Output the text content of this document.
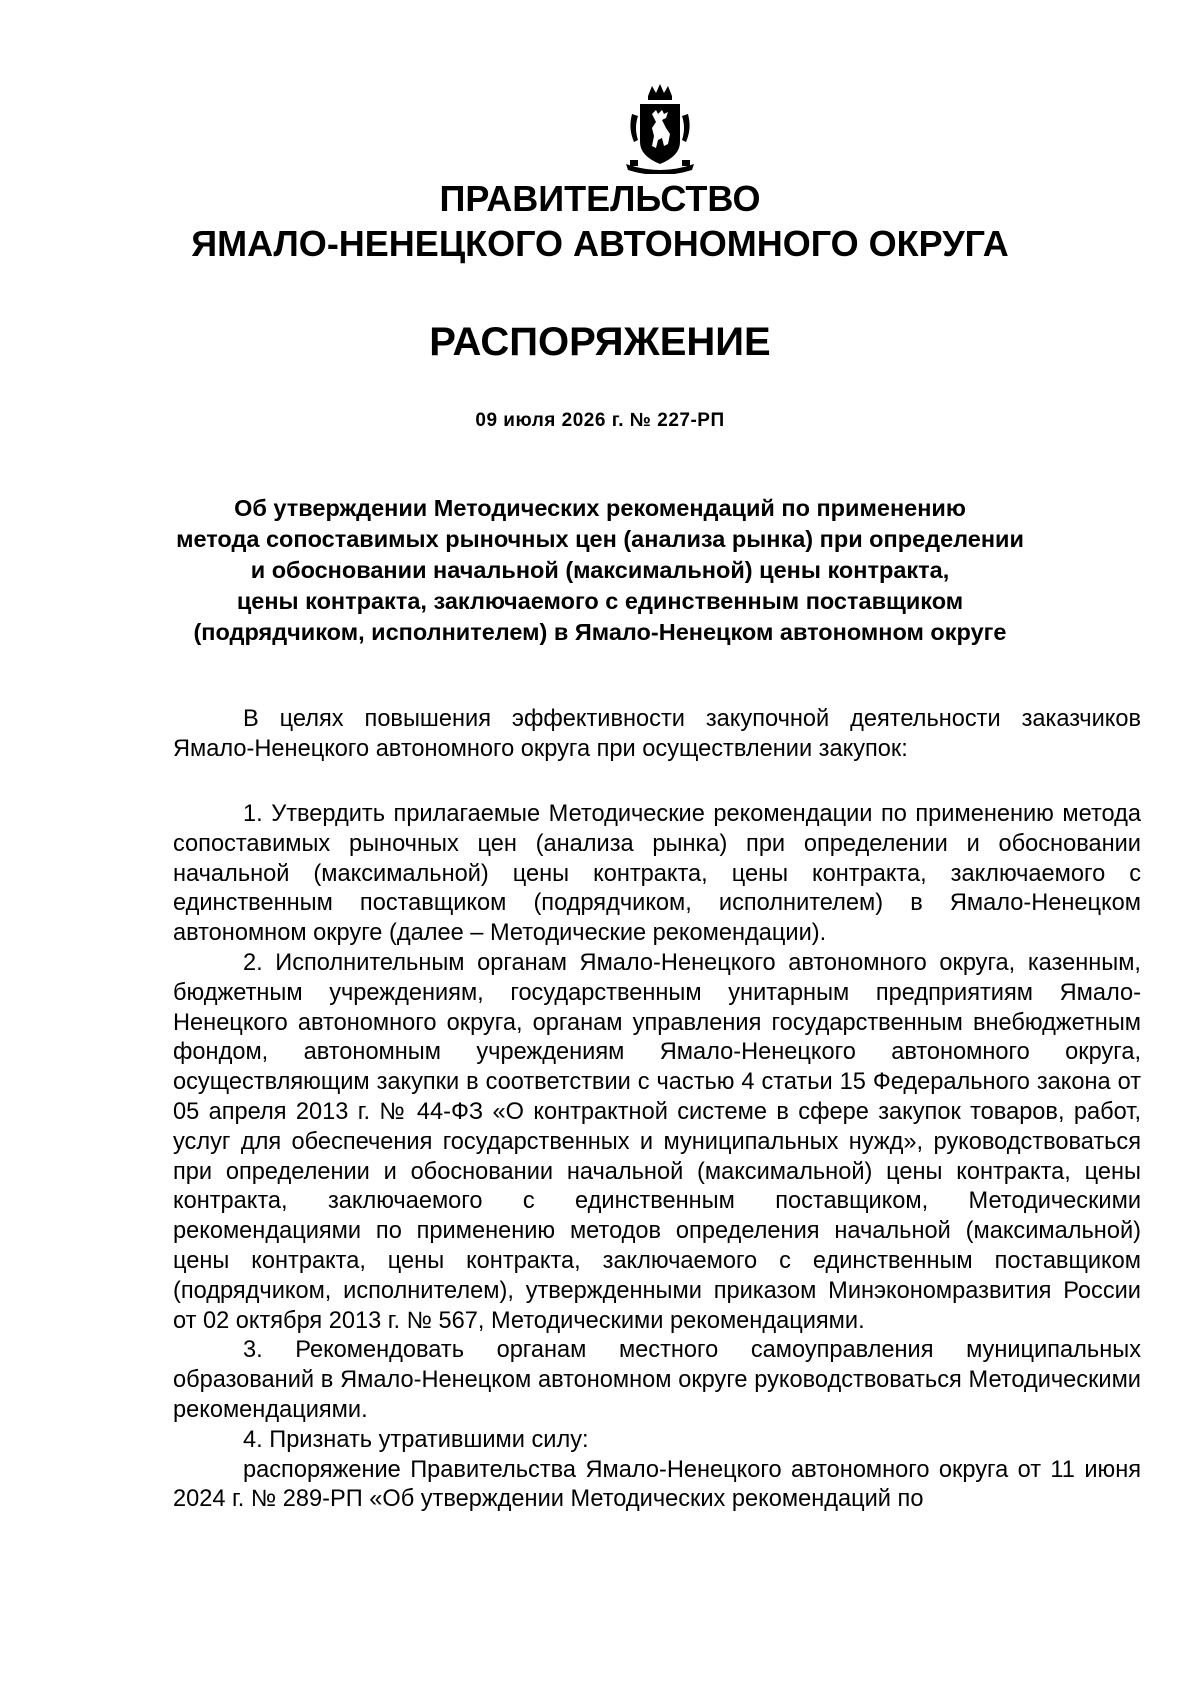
ПРАВИТЕЛЬСТВО
ЯМАЛО-НЕНЕЦКОГО АВТОНОМНОГО ОКРУГА
РАСПОРЯЖЕНИЕ
09 июля 2026 г. № 227-РП
Об утверждении Методических рекомендаций по применению
метода сопоставимых рыночных цен (анализа рынка) при определении
и обосновании начальной (максимальной) цены контракта,
цены контракта, заключаемого с единственным поставщиком
(подрядчиком, исполнителем) в Ямало-Ненецком автономном округе

В целях повышения эффективности закупочной деятельности заказчиков Ямало-Ненецкого автономного округа при осуществлении закупок:

1. Утвердить прилагаемые Методические рекомендации по применению метода сопоставимых рыночных цен (анализа рынка) при определении и обосновании начальной (максимальной) цены контракта, цены контракта, заключаемого с единственным поставщиком (подрядчиком, исполнителем) в Ямало-Ненецком автономном округе (далее – Методические рекомендации).

2. Исполнительным органам Ямало-Ненецкого автономного округа, казенным, бюджетным учреждениям, государственным унитарным предприятиям Ямало-Ненецкого автономного округа, органам управления государственным внебюджетным фондом, автономным учреждениям Ямало-Ненецкого автономного округа, осуществляющим закупки в соответствии с частью 4 статьи 15 Федерального закона от 05 апреля 2013 г. № 44-ФЗ «О контрактной системе в сфере закупок товаров, работ, услуг для обеспечения государственных и муниципальных нужд», руководствоваться при определении и обосновании начальной (максимальной) цены контракта, цены контракта, заключаемого с единственным поставщиком, Методическими рекомендациями по применению методов определения начальной (максимальной) цены контракта, цены контракта, заключаемого с единственным поставщиком (подрядчиком, исполнителем), утвержденными приказом Минэкономразвития России от 02 октября 2013 г. № 567, Методическими рекомендациями.

3. Рекомендовать органам местного самоуправления муниципальных образований в Ямало-Ненецком автономном округе руководствоваться Методическими рекомендациями.

4. Признать утратившими силу:

распоряжение Правительства Ямало-Ненецкого автономного округа от 11 июня 2024 г. № 289-РП «Об утверждении Методических рекомендаций по
